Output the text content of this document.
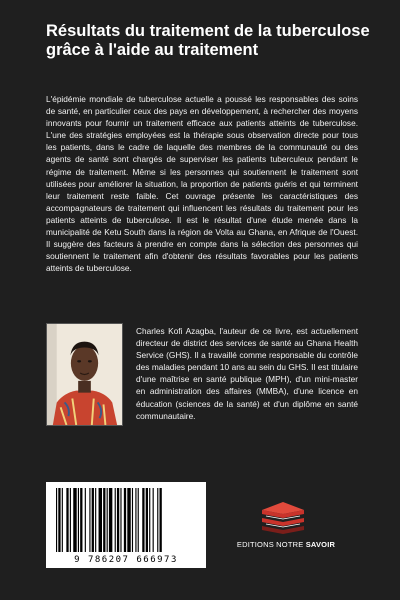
Résultats du traitement de la tuberculose grâce à l'aide au traitement

L'épidémie mondiale de tuberculose actuelle a poussé les responsables des soins de santé, en particulier ceux des pays en développement, à rechercher des moyens innovants pour fournir un traitement efficace aux patients atteints de tuberculose. L'une des stratégies employées est la thérapie sous observation directe pour tous les patients, dans le cadre de laquelle des membres de la communauté ou des agents de santé sont chargés de superviser les patients tuberculeux pendant le régime de traitement. Même si les personnes qui soutiennent le traitement sont utilisées pour améliorer la situation, la proportion de patients guéris et qui terminent leur traitement reste faible. Cet ouvrage présente les caractéristiques des accompagnateurs de traitement qui influencent les résultats du traitement pour les patients atteints de tuberculose. Il est le résultat d'une étude menée dans la municipalité de Ketu South dans la région de Volta au Ghana, en Afrique de l'Ouest. Il suggère des facteurs à prendre en compte dans la sélection des personnes qui soutiennent le traitement afin d'obtenir des résultats favorables pour les patients atteints de tuberculose.

Charles Kofi Azagba, l'auteur de ce livre, est actuellement directeur de district des services de santé au Ghana Health Service (GHS). Il a travaillé comme responsable du contrôle des maladies pendant 10 ans au sein du GHS. Il est titulaire d'une maîtrise en santé publique (MPH), d'un mini-master en administration des affaires (MMBA), d'une licence en éducation (sciences de la santé) et d'un diplôme en santé communautaire.

9 786207 666973
EDITIONS NOTRE SAVOIR
